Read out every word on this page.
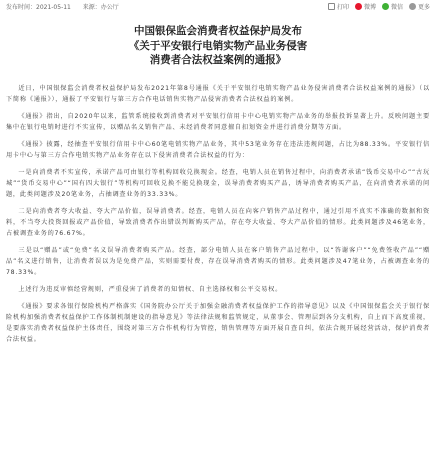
发布时间：2021-05-11 来源：办公厅	打印	微博	微信	更多
中国银保监会消费者权益保护局发布
《关于平安银行电销实物产品业务侵害
消费者合法权益案例的通报》

近日，中国银保监会消费者权益保护局发布2021年第8号通报《关于平安银行电销实物产品业务侵害消费者合法权益案例的通报》（以下简称《通报》），通报了平安银行与第三方合作电话销售实物产品侵害消费者合法权益的案例。

《通报》指出，自2020年以来，监管系统接收到消费者对平安银行信用卡中心电销实物产品业务的举报投诉显著上升。反映问题主要集中在银行电销时进行不实宣传，以赠品名义销售产品、未经消费者同意擅自扣划资金并进行消费分期等方面。

《通报》披露，经抽查平安银行信用卡中心60笔电销实物产品业务，其中53笔业务存在违法违规问题，占比为88.33%。平安银行信用卡中心与第三方合作电销实物产品业务存在以下侵害消费者合法权益的行为：

一是向消费者不实宣传，承诺产品可由银行等机构回收兑换现金。经查，电销人员在销售过程中，向消费者承诺“钱币交易中心”“古玩城”“货币交易中心”“国有四大银行”等机构可回收兑换不能兑换现金，误导消费者购买产品，诱导消费者购买产品，在向消费者承诺的问题，此类问题涉及20笔业务，占抽调查业务的33.33%。

二是向消费者夸大收益、夸大产品价值，误导消费者。经查，电销人员在向客户销售产品过程中，通过引用不真实不准确的数据和资料，不当夸大投资回报或产品价值，导致消费者作出错误判断购买产品，存在夸大收益、夸大产品价值的情形。此类问题涉及46笔业务，占被调查业务的76.67%。

三是以“赠品”或“免费”名义误导消费者购买产品。经查，部分电销人员在客户销售产品过程中，以“答谢客户”“免费签收产品”“赠品”名义进行销售，让消费者误以为是免费产品，实则需要付费，存在误导消费者购买的情形。此类问题涉及47笔业务，占被调查业务的78.33%。

上述行为违反审慎经营规则，严重侵害了消费者的知情权、自主选择权和公平交易权。

《通报》要求各银行保险机构严格落实《国务院办公厅关于加强金融消费者权益保护工作的指导意见》以及《中国银保监会关于银行保险机构加强消费者权益保护工作体制机制建设的指导意见》等法律法规和监管规定，从董事会、管理层到各分支机构，自上而下高度重视，是要落实消费者权益保护主体责任，围绕对第三方合作机构行为管控，销售管理等方面开展自查自纠，依法合规开展经营活动，保护消费者合法权益。
